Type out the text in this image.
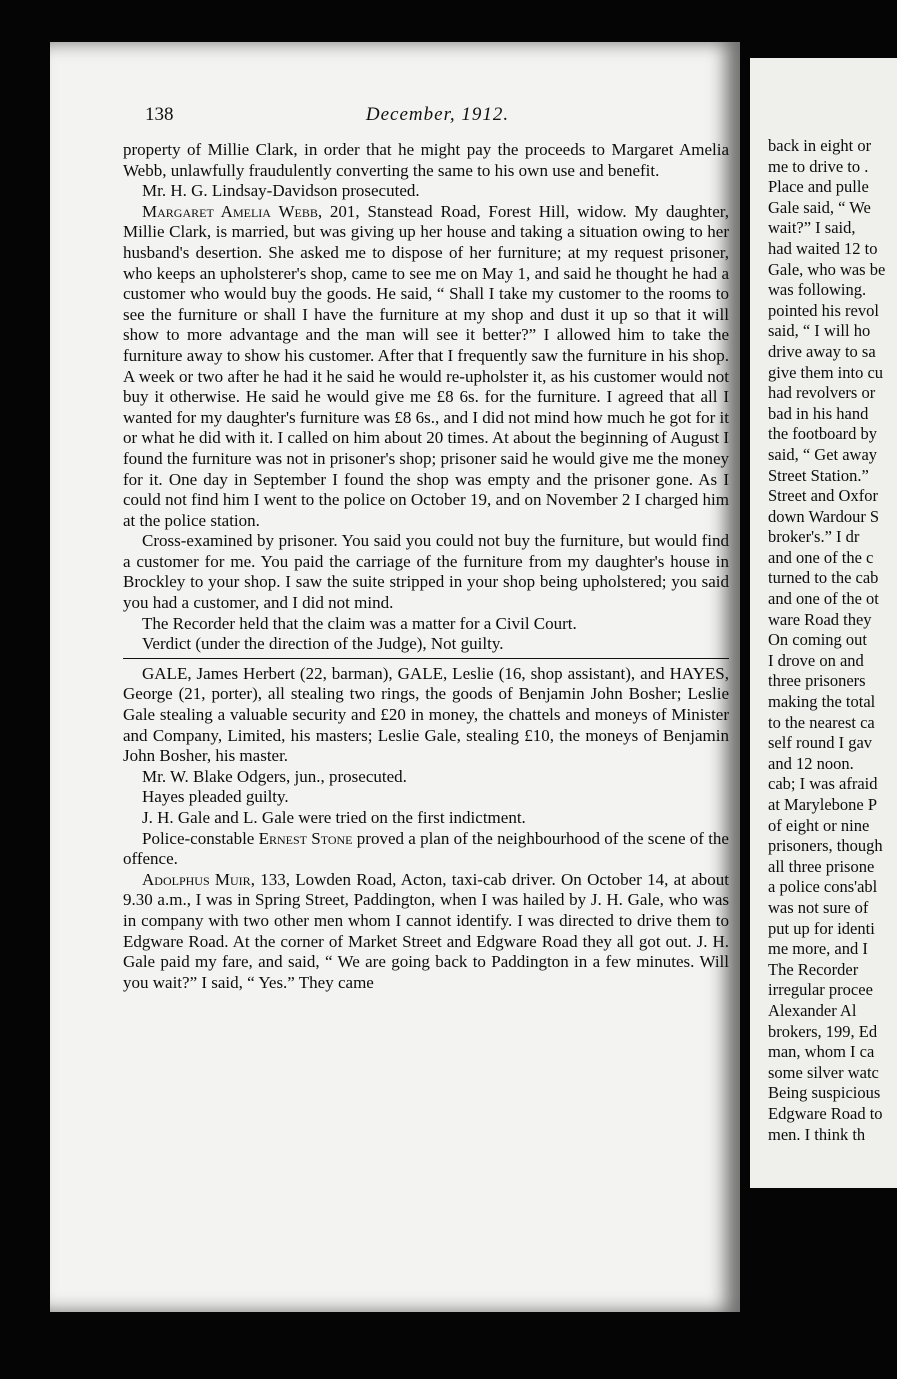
138	December, 1912.

property of Millie Clark, in order that he might pay the proceeds to Margaret Amelia Webb, unlawfully fraudulently converting the same to his own use and benefit.

Mr. H. G. Lindsay-Davidson prosecuted.

Margaret Amelia Webb, 201, Stanstead Road, Forest Hill, widow. My daughter, Millie Clark, is married, but was giving up her house and taking a situation owing to her husband's desertion. She asked me to dispose of her furniture; at my request prisoner, who keeps an upholsterer's shop, came to see me on May 1, and said he thought he had a customer who would buy the goods. He said, “ Shall I take my customer to the rooms to see the furniture or shall I have the furniture at my shop and dust it up so that it will show to more advantage and the man will see it better?” I allowed him to take the furniture away to show his customer. After that I frequently saw the furniture in his shop. A week or two after he had it he said he would re-upholster it, as his customer would not buy it otherwise. He said he would give me £8 6s. for the furniture. I agreed that all I wanted for my daughter's furniture was £8 6s., and I did not mind how much he got for it or what he did with it. I called on him about 20 times. At about the beginning of August I found the furniture was not in prisoner's shop; prisoner said he would give me the money for it. One day in September I found the shop was empty and the prisoner gone. As I could not find him I went to the police on October 19, and on November 2 I charged him at the police station.

Cross-examined by prisoner. You said you could not buy the furniture, but would find a customer for me. You paid the carriage of the furniture from my daughter's house in Brockley to your shop. I saw the suite stripped in your shop being upholstered; you said you had a customer, and I did not mind.

The Recorder held that the claim was a matter for a Civil Court.

Verdict (under the direction of the Judge), Not guilty.

GALE, James Herbert (22, barman), GALE, Leslie (16, shop assistant), and HAYES, George (21, porter), all stealing two rings, the goods of Benjamin John Bosher; Leslie Gale stealing a valuable security and £20 in money, the chattels and moneys of Minister and Company, Limited, his masters; Leslie Gale, stealing £10, the moneys of Benjamin John Bosher, his master.

Mr. W. Blake Odgers, jun., prosecuted.

Hayes pleaded guilty.

J. H. Gale and L. Gale were tried on the first indictment.

Police-constable Ernest Stone proved a plan of the neighbourhood of the scene of the offence.

Adolphus Muir, 133, Lowden Road, Acton, taxi-cab driver. On October 14, at about 9.30 a.m., I was in Spring Street, Paddington, when I was hailed by J. H. Gale, who was in company with two other men whom I cannot identify. I was directed to drive them to Edgware Road. At the corner of Market Street and Edgware Road they all got out. J. H. Gale paid my fare, and said, “ We are going back to Paddington in a few minutes. Will you wait?” I said, “ Yes.” They came

back in eight or
me to drive to .
Place and pulle
Gale said, “ We
wait?” I said,
had waited 12 to
Gale, who was be
was following.
pointed his revol
said, “ I will ho
drive away to sa
give them into cu
had revolvers or
bad in his hand
the footboard by
said, “ Get away
Street Station.”
Street and Oxfor
down Wardour S
broker's.” I dr
and one of the c
turned to the cab
and one of the ot
ware Road they
On coming out
I drove on and
three prisoners
making the total
to the nearest ca
self round I gav
and 12 noon.
cab; I was afraid
at Marylebone P
of eight or nine
prisoners, though
all three prisone
a police cons'abl
was not sure of
put up for identi
me more, and I
The Recorder
irregular procee
Alexander Al
brokers, 199, Ed
man, whom I ca
some silver watc
Being suspicious
Edgware Road to
men. I think th
